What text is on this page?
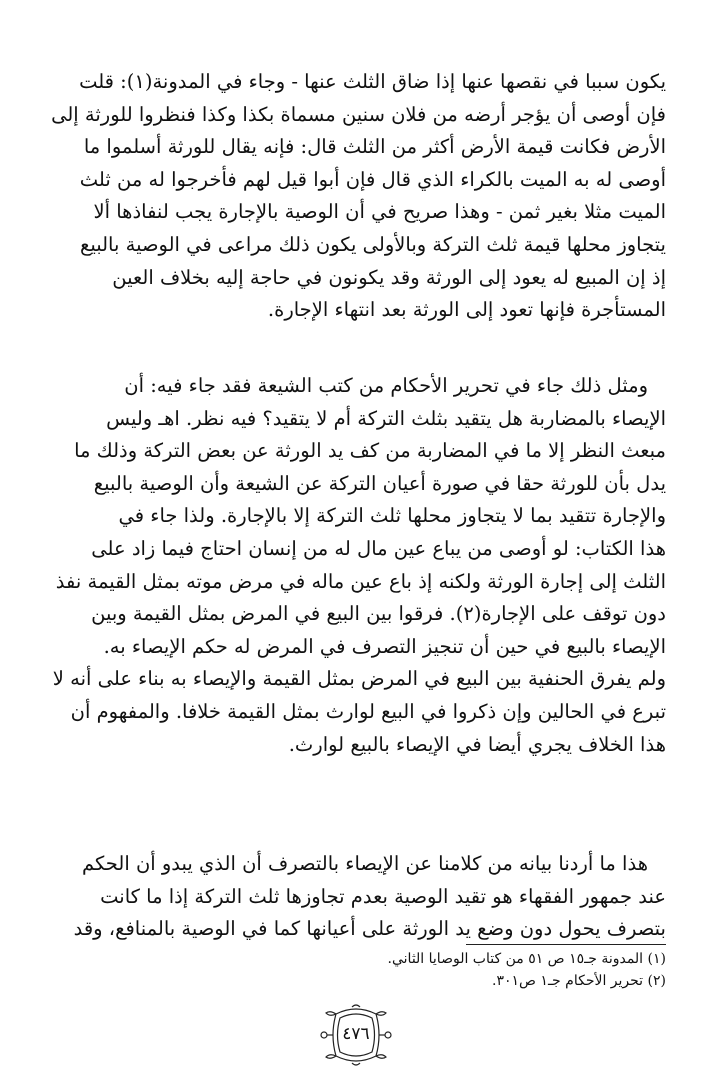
يكون سببا في نقصها عنها إذا ضاق الثلث عنها - وجاء في المدونة(١): قلت
فإن أوصى أن يؤجر أرضه من فلان سنين مسماة بكذا وكذا فنظروا للورثة إلى
الأرض فكانت قيمة الأرض أكثر من الثلث قال: فإنه يقال للورثة أسلموا ما
أوصى له به الميت بالكراء الذي قال فإن أبوا قيل لهم فأخرجوا له من ثلث
الميت مثلا بغير ثمن - وهذا صريح في أن الوصية بالإجارة يجب لنفاذها ألا
يتجاوز محلها قيمة ثلث التركة وبالأولى يكون ذلك مراعى في الوصية بالبيع
إذ إن المبيع له يعود إلى الورثة وقد يكونون في حاجة إليه بخلاف العين
المستأجرة فإنها تعود إلى الورثة بعد انتهاء الإجارة.
ومثل ذلك جاء في تحرير الأحكام من كتب الشيعة فقد جاء فيه: أن
الإيصاء بالمضاربة هل يتقيد بثلث التركة أم لا يتقيد؟ فيه نظر. اهـ وليس
مبعث النظر إلا ما في المضاربة من كف يد الورثة عن بعض التركة وذلك ما
يدل بأن للورثة حقا في صورة أعيان التركة عن الشيعة وأن الوصية بالبيع
والإجارة تتقيد بما لا يتجاوز محلها ثلث التركة إلا بالإجارة. ولذا جاء في
هذا الكتاب: لو أوصى من يباع عين مال له من إنسان احتاج فيما زاد على
الثلث إلى إجارة الورثة ولكنه إذ باع عين ماله في مرض موته بمثل القيمة نفذ
دون توقف على الإجارة(٢). فرقوا بين البيع في المرض بمثل القيمة وبين
الإيصاء بالبيع في حين أن تنجيز التصرف في المرض له حكم الإيصاء به.
ولم يفرق الحنفية بين البيع في المرض بمثل القيمة والإيصاء به بناء على أنه لا
تبرع في الحالين وإن ذكروا في البيع لوارث بمثل القيمة خلافا. والمفهوم أن
هذا الخلاف يجري أيضا في الإيصاء بالبيع لوارث.
هذا ما أردنا بيانه من كلامنا عن الإيصاء بالتصرف أن الذي يبدو أن الحكم
عند جمهور الفقهاء هو تقيد الوصية بعدم تجاوزها ثلث التركة إذا ما كانت
بتصرف يحول دون وضع يد الورثة على أعيانها كما في الوصية بالمنافع، وقد
(١) المدونة جـ١٥ ص ٥١ من كتاب الوصايا الثاني.
(٢) تحرير الأحكام جـ١ ص٣٠١.
٤٧٦
